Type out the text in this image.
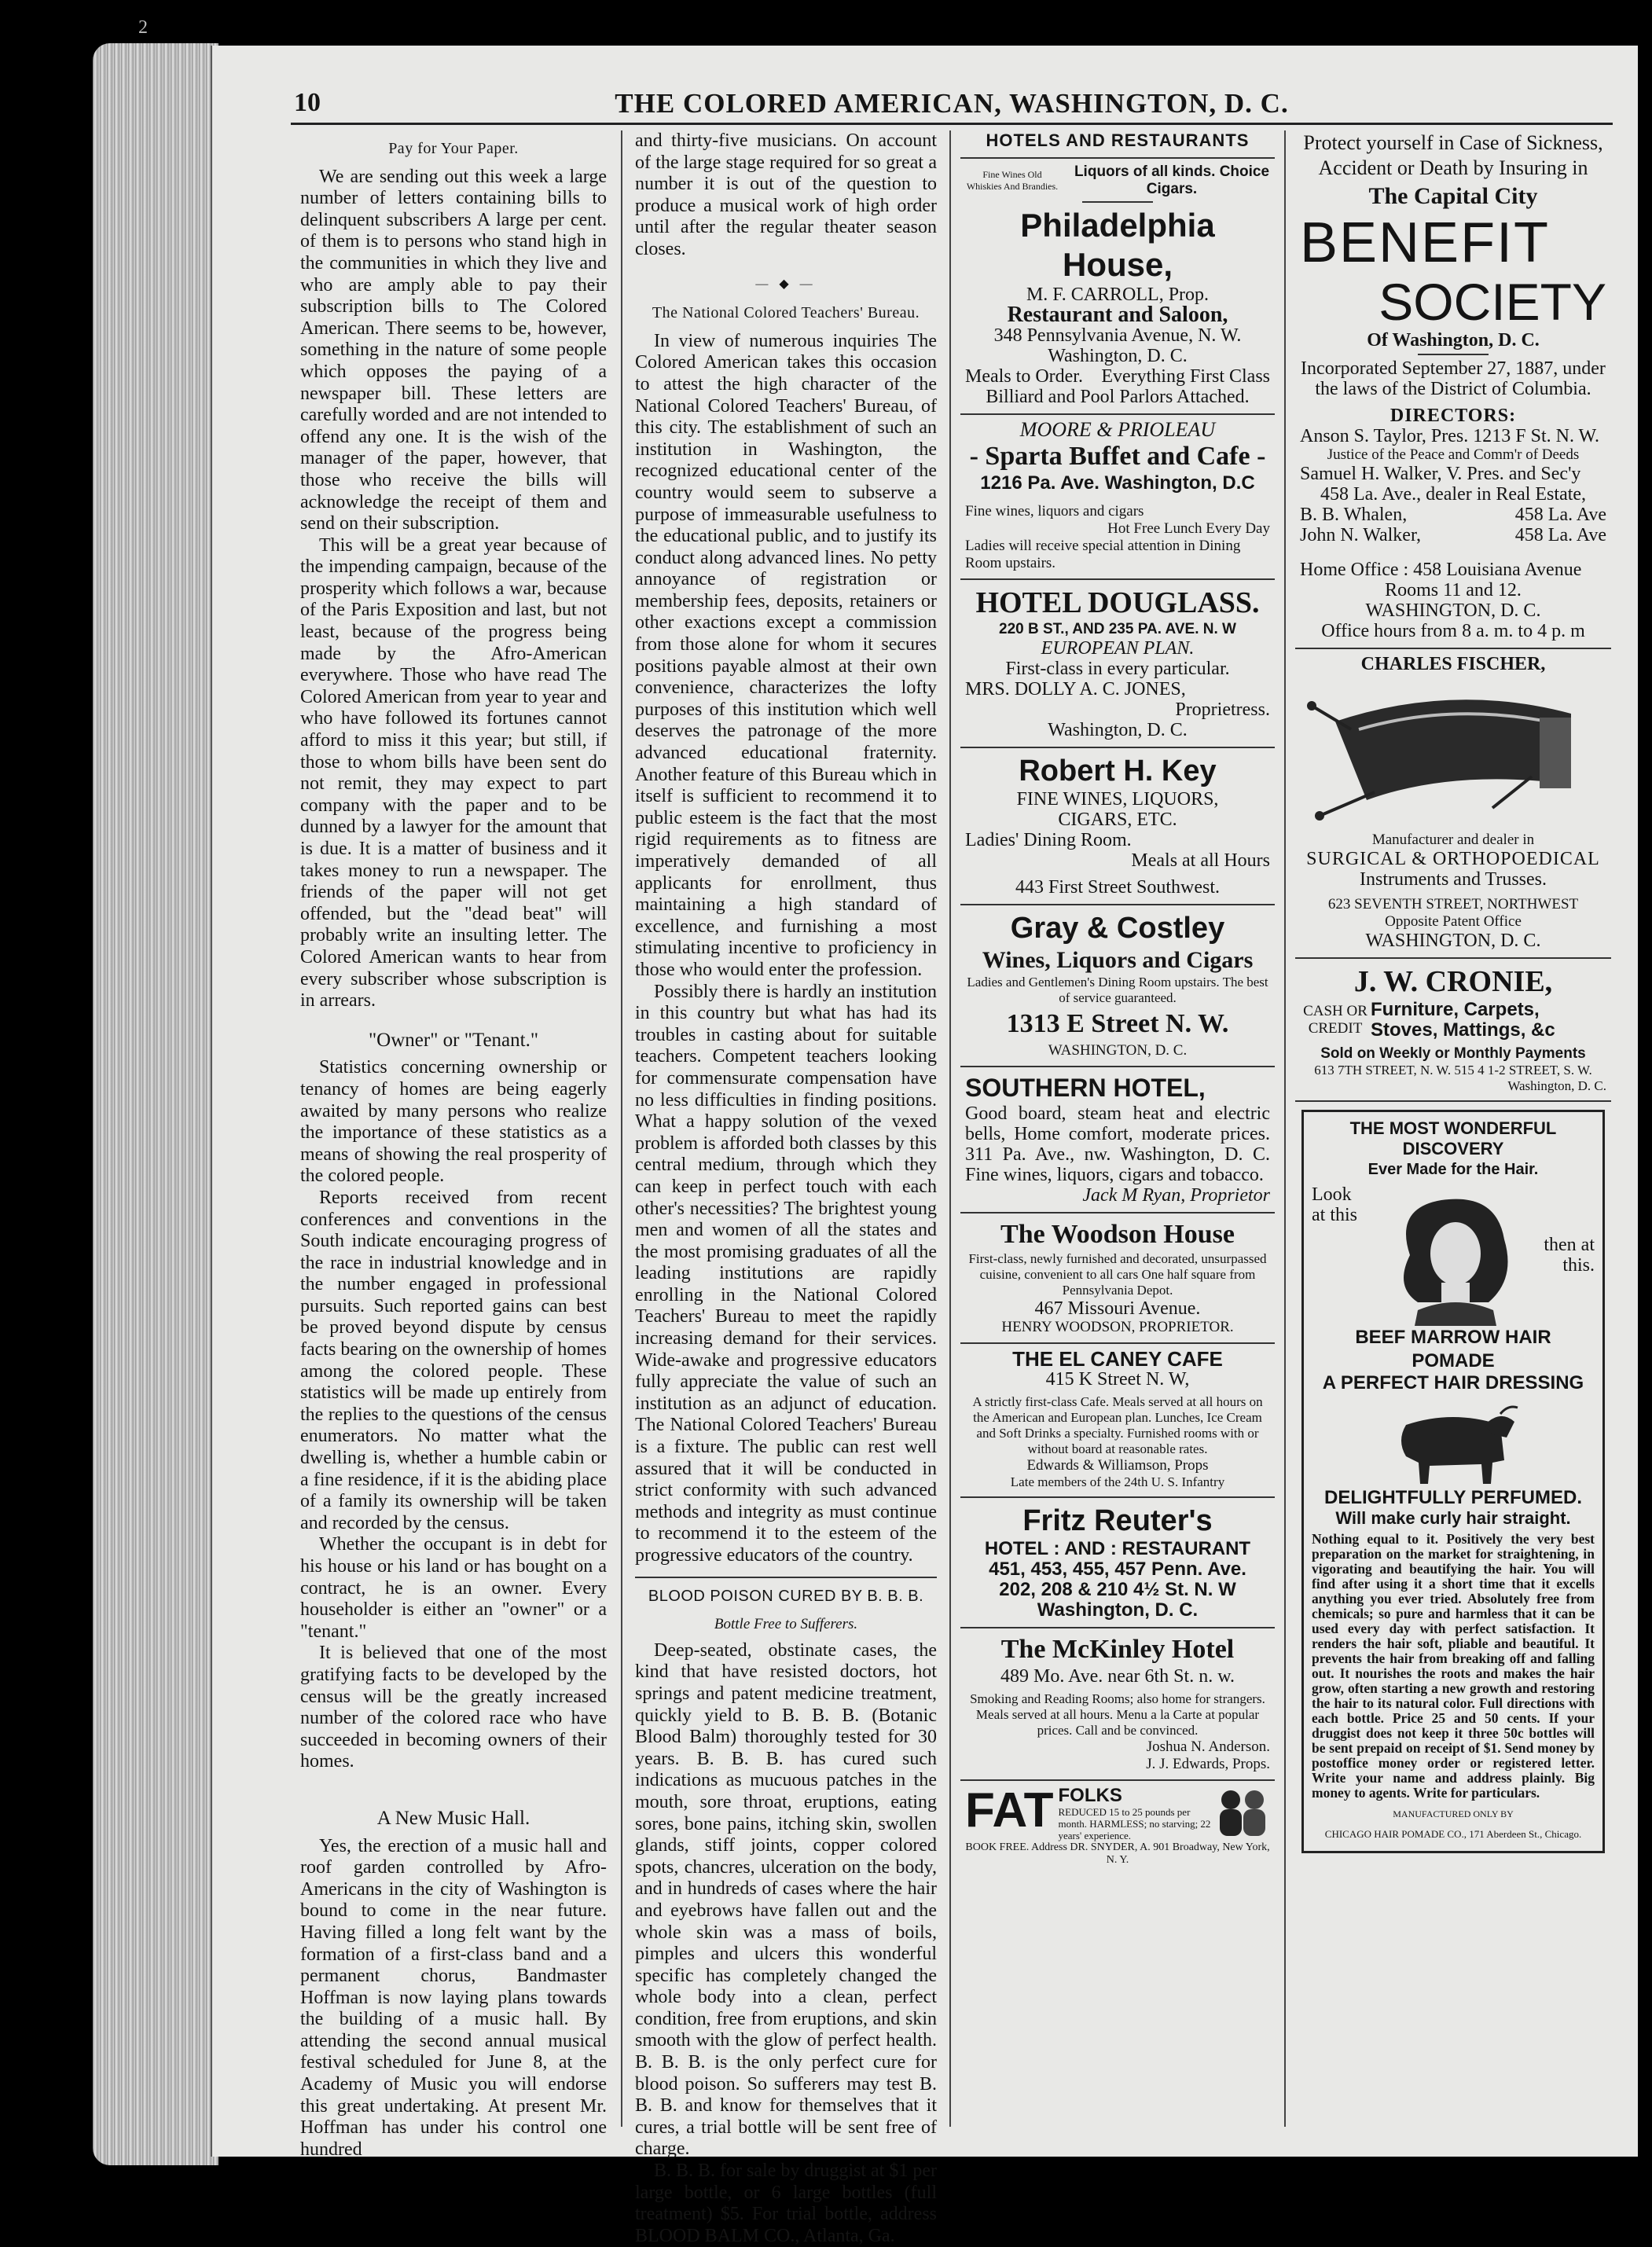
2
10	THE COLORED AMERICAN, WASHINGTON, D. C.
Pay for Your Paper.

We are sending out this week a large number of letters containing bills to delinquent subscribers A large per cent. of them is to persons who stand high in the communities in which they live and who are amply able to pay their subscription bills to The Colored American. There seems to be, however, something in the nature of some people which opposes the paying of a newspaper bill. These letters are carefully worded and are not intended to offend any one. It is the wish of the manager of the paper, however, that those who receive the bills will acknowledge the receipt of them and send on their subscription.

This will be a great year because of the impending campaign, because of the prosperity which follows a war, because of the Paris Exposition and last, but not least, because of the progress being made by the Afro-American everywhere. Those who have read The Colored American from year to year and who have followed its fortunes cannot afford to miss it this year; but still, if those to whom bills have been sent do not remit, they may expect to part company with the paper and to be dunned by a lawyer for the amount that is due. It is a matter of business and it takes money to run a newspaper. The friends of the paper will not get offended, but the "dead beat" will probably write an insulting letter. The Colored American wants to hear from every subscriber whose subscription is in arrears.

"Owner" or "Tenant."

Statistics concerning ownership or tenancy of homes are being eagerly awaited by many persons who realize the importance of these statistics as a means of showing the real prosperity of the colored people.

Reports received from recent conferences and conventions in the South indicate encouraging progress of the race in industrial knowledge and in the number engaged in professional pursuits. Such reported gains can best be proved beyond dispute by census facts bearing on the ownership of homes among the colored people. These statistics will be made up entirely from the replies to the questions of the census enumerators. No matter what the dwelling is, whether a humble cabin or a fine residence, if it is the abiding place of a family its ownership will be taken and recorded by the census.

Whether the occupant is in debt for his house or his land or has bought on a contract, he is an owner. Every householder is either an "owner" or a "tenant."

It is believed that one of the most gratifying facts to be developed by the census will be the greatly increased number of the colored race who have succeeded in becoming owners of their homes.

A New Music Hall.

Yes, the erection of a music hall and roof garden controlled by Afro-Americans in the city of Washington is bound to come in the near future. Having filled a long felt want by the formation of a first-class band and a permanent chorus, Bandmaster Hoffman is now laying plans towards the building of a music hall. By attending the second annual musical festival scheduled for June 8, at the Academy of Music you will endorse this great undertaking. At present Mr. Hoffman has under his control one hundred

and thirty-five musicians. On account of the large stage required for so great a number it is out of the question to produce a musical work of high order until after the regular theater season closes.

— ◆ —
The National Colored Teachers' Bureau.

In view of numerous inquiries The Colored American takes this occasion to attest the high character of the National Colored Teachers' Bureau, of this city. The establishment of such an institution in Washington, the recognized educational center of the country would seem to subserve a purpose of immeasurable usefulness to the educational public, and to justify its conduct along advanced lines. No petty annoyance of registration or membership fees, deposits, retainers or other exactions except a commission from those alone for whom it secures positions payable almost at their own convenience, characterizes the lofty purposes of this institution which well deserves the patronage of the more advanced educational fraternity. Another feature of this Bureau which in itself is sufficient to recommend it to public esteem is the fact that the most rigid requirements as to fitness are imperatively demanded of all applicants for enrollment, thus maintaining a high standard of excellence, and furnishing a most stimulating incentive to proficiency in those who would enter the profession.

Possibly there is hardly an institution in this country but what has had its troubles in casting about for suitable teachers. Competent teachers looking for commensurate compensation have no less difficulties in finding positions. What a happy solution of the vexed problem is afforded both classes by this central medium, through which they can keep in perfect touch with each other's necessities? The brightest young men and women of all the states and the most promising graduates of all the leading institutions are rapidly enrolling in the National Colored Teachers' Bureau to meet the rapidly increasing demand for their services. Wide-awake and progressive educators fully appreciate the value of such an institution as an adjunct of education. The National Colored Teachers' Bureau is a fixture. The public can rest well assured that it will be conducted in strict conformity with such advanced methods and integrity as must continue to recommend it to the esteem of the progressive educators of the country.

BLOOD POISON CURED BY B. B. B.
Bottle Free to Sufferers.

Deep-seated, obstinate cases, the kind that have resisted doctors, hot springs and patent medicine treatment, quickly yield to B. B. B. (Botanic Blood Balm) thoroughly tested for 30 years. B. B. B. has cured such indications as mucuous patches in the mouth, sore throat, eruptions, eating sores, bone pains, itching skin, swollen glands, stiff joints, copper colored spots, chancres, ulceration on the body, and in hundreds of cases where the hair and eyebrows have fallen out and the whole skin was a mass of boils, pimples and ulcers this wonderful specific has completely changed the whole body into a clean, perfect condition, free from eruptions, and skin smooth with the glow of perfect health. B. B. B. is the only perfect cure for blood poison. So sufferers may test B. B. B. and know for themselves that it cures, a trial bottle will be sent free of charge.

B. B. B. for sale by druggist at $1 per large bottle, or 6 large bottles (full treatment) $5. For trial bottle, address BLOOD BALM CO., Atlanta, Ga.

HOTELS AND RESTAURANTS
Fine Wines Old Whiskies And Brandies.
Liquors of all kinds. Choice Cigars.
Philadelphia House,
M. F. CARROLL, Prop.
Restaurant and Saloon,
348 Pennsylvania Avenue, N. W.
Washington, D. C.
Meals to Order. Everything First Class
Billiard and Pool Parlors Attached.
MOORE & PRIOLEAU
- Sparta Buffet and Cafe -
1216 Pa. Ave. Washington, D.C
Fine wines, liquors and cigars
Hot Free Lunch Every Day
Ladies will receive special attention in Dining Room upstairs.
HOTEL DOUGLASS.
220 B ST., AND 235 PA. AVE. N. W
EUROPEAN PLAN.
First-class in every particular.
MRS. DOLLY A. C. JONES,
Proprietress.
Washington, D. C.
Robert H. Key
FINE WINES, LIQUORS,
CIGARS, ETC.
Ladies' Dining Room.
Meals at all Hours
443 First Street Southwest.
Gray & Costley
Wines, Liquors and Cigars
Ladies and Gentlemen's Dining Room upstairs. The best of service guaranteed.
1313 E Street N. W.
WASHINGTON, D. C.
SOUTHERN HOTEL,
Good board, steam heat and electric bells, Home comfort, moderate prices. 311 Pa. Ave., nw. Washington, D. C. Fine wines, liquors, cigars and tobacco.
Jack M Ryan, Proprietor
The Woodson House
First-class, newly furnished and decorated, unsurpassed cuisine, convenient to all cars One half square from Pennsylvania Depot.
467 Missouri Avenue.
HENRY WOODSON, PROPRIETOR.
THE EL CANEY CAFE
415 K Street N. W,
A strictly first-class Cafe. Meals served at all hours on the American and European plan. Lunches, Ice Cream and Soft Drinks a specialty. Furnished rooms with or without board at reasonable rates.
Edwards & Williamson, Props
Late members of the 24th U. S. Infantry
Fritz Reuter's
HOTEL : AND : RESTAURANT
451, 453, 455, 457 Penn. Ave.
202, 208 & 210 4½ St. N. W
Washington, D. C.
The McKinley Hotel
489 Mo. Ave. near 6th St. n. w.
Smoking and Reading Rooms; also home for strangers. Meals served at all hours. Menu a la Carte at popular prices. Call and be convinced.
Joshua N. Anderson.
J. J. Edwards, Props.
FAT FOLKS
REDUCED 15 to 25 pounds per month. HARMLESS; no starving; 22 years' experience.
BOOK FREE. Address DR. SNYDER, A. 901 Broadway, New York, N. Y.
Protect yourself in Case of Sickness, Accident or Death by Insuring in
The Capital City
BENEFIT
SOCIETY
Of Washington, D. C.
Incorporated September 27, 1887, under the laws of the District of Columbia.
DIRECTORS:
Anson S. Taylor, Pres. 1213 F St. N. W.
Justice of the Peace and Comm'r of Deeds
Samuel H. Walker, V. Pres. and Sec'y
458 La. Ave., dealer in Real Estate,
B. B. Whalen,	458 La. Ave
John N. Walker,	458 La. Ave
Home Office : 458 Louisiana Avenue
Rooms 11 and 12.
WASHINGTON, D. C.
Office hours from 8 a. m. to 4 p. m
CHARLES FISCHER,
Manufacturer and dealer in
SURGICAL & ORTHOPOEDICAL
Instruments and Trusses.
623 SEVENTH STREET, NORTHWEST
Opposite Patent Office
WASHINGTON, D. C.
J. W. CRONIE,
CASH OR
CREDIT
Furniture, Carpets,
Stoves, Mattings, &c
Sold on Weekly or Monthly Payments
613 7TH STREET, N. W. 515 4 1-2 STREET, S. W.
Washington, D. C.
THE MOST WONDERFUL DISCOVERY
Ever Made for the Hair.
Look at this
then at this.
BEEF MARROW HAIR POMADE
A PERFECT HAIR DRESSING
DELIGHTFULLY PERFUMED.
Will make curly hair straight.
Nothing equal to it. Positively the very best preparation on the market for straightening, in vigorating and beautifying the hair. You will find after using it a short time that it excells anything you ever tried. Absolutely free from chemicals; so pure and harmless that it can be used every day with perfect satisfaction. It renders the hair soft, pliable and beautiful. It prevents the hair from breaking off and falling out. It nourishes the roots and makes the hair grow, often starting a new growth and restoring the hair to its natural color. Full directions with each bottle. Price 25 and 50 cents. If your druggist does not keep it three 50c bottles will be sent prepaid on receipt of $1. Send money by postoffice money order or registered letter. Write your name and address plainly. Big money to agents. Write for particulars.
MANUFACTURED ONLY BY
CHICAGO HAIR POMADE CO., 171 Aberdeen St., Chicago.
